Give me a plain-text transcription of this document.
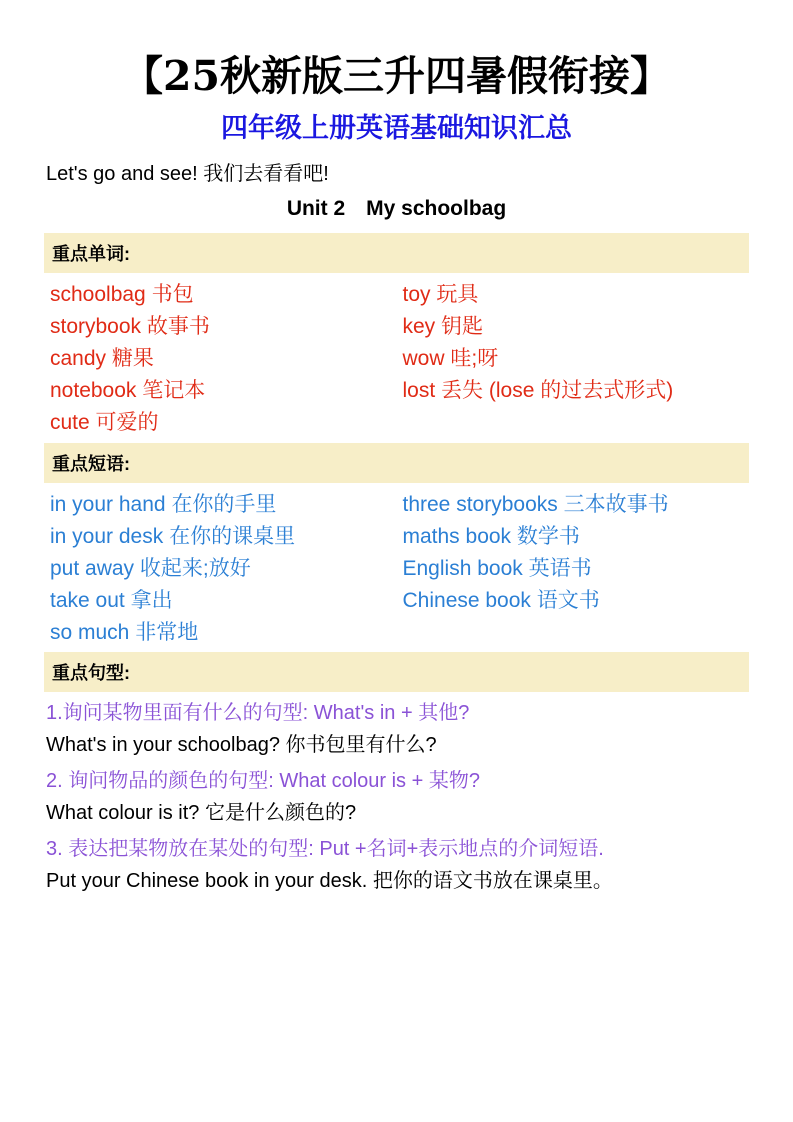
【25秋新版三升四暑假衔接】
四年级上册英语基础知识汇总
Let's go and see! 我们去看看吧!
Unit 2　My schoolbag
重点单词:
schoolbag 书包
storybook 故事书
candy 糖果
notebook 笔记本
cute 可爱的
toy 玩具
key 钥匙
wow 哇;呀
lost 丢失 (lose 的过去式形式)
重点短语:
in your hand 在你的手里
in your desk 在你的课桌里
put away 收起来;放好
take out 拿出
so much 非常地
three storybooks 三本故事书
maths book 数学书
English book 英语书
Chinese book 语文书
重点句型:
1.询问某物里面有什么的句型: What's in + 其他?
What's in your schoolbag? 你书包里有什么?
2. 询问物品的颜色的句型: What colour is + 某物?
What colour is it? 它是什么颜色的?
3. 表达把某物放在某处的句型: Put +名词+表示地点的介词短语.
Put your Chinese book in your desk. 把你的语文书放在课桌里。
